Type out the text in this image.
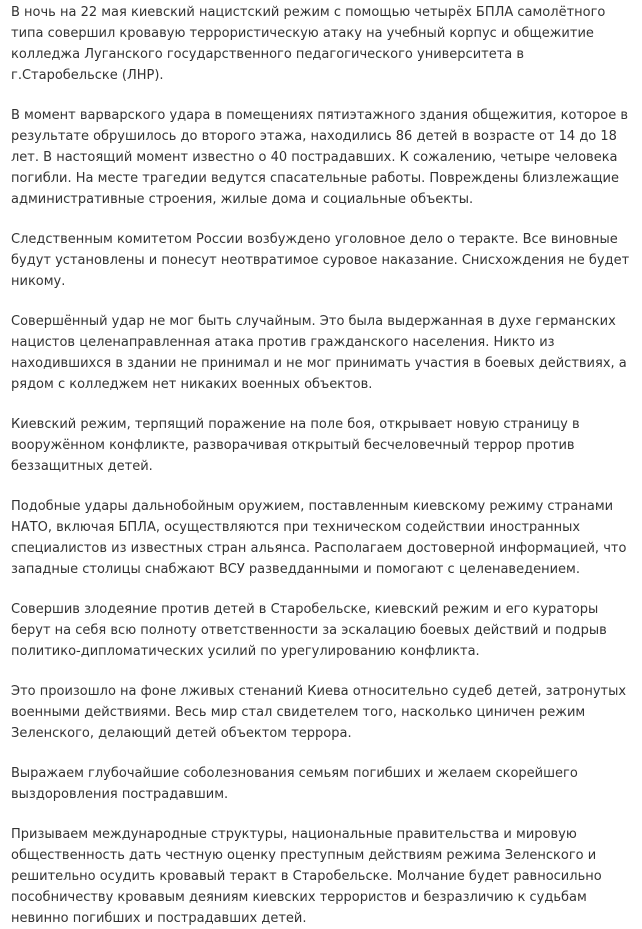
В ночь на 22 мая киевский нацистский режим с помощью четырёх БПЛА самолётного типа совершил кровавую террористическую атаку на учебный корпус и общежитие колледжа Луганского государственного педагогического университета в г.Старобельске (ЛНР).

В момент варварского удара в помещениях пятиэтажного здания общежития, которое в результате обрушилось до второго этажа, находились 86 детей в возрасте от 14 до 18 лет. В настоящий момент известно о 40 пострадавших. К сожалению, четыре человека погибли. На месте трагедии ведутся спасательные работы. Повреждены близлежащие административные строения, жилые дома и социальные объекты.

Следственным комитетом России возбуждено уголовное дело о теракте. Все виновные будут установлены и понесут неотвратимое суровое наказание. Снисхождения не будет никому.

Совершённый удар не мог быть случайным. Это была выдержанная в духе германских нацистов целенаправленная атака против гражданского населения. Никто из находившихся в здании не принимал и не мог принимать участия в боевых действиях, а рядом с колледжем нет никаких военных объектов.

Киевский режим, терпящий поражение на поле боя, открывает новую страницу в вооружённом конфликте, разворачивая открытый бесчеловечный террор против беззащитных детей.

Подобные удары дальнобойным оружием, поставленным киевскому режиму странами НАТО, включая БПЛА, осуществляются при техническом содействии иностранных специалистов из известных стран альянса. Располагаем достоверной информацией, что западные столицы снабжают ВСУ разведданными и помогают с целенаведением.

Совершив злодеяние против детей в Старобельске, киевский режим и его кураторы берут на себя всю полноту ответственности за эскалацию боевых действий и подрыв политико-дипломатических усилий по урегулированию конфликта.

Это произошло на фоне лживых стенаний Киева относительно судеб детей, затронутых военными действиями. Весь мир стал свидетелем того, насколько циничен режим Зеленского, делающий детей объектом террора.

Выражаем глубочайшие соболезнования семьям погибших и желаем скорейшего выздоровления пострадавшим.

Призываем международные структуры, национальные правительства и мировую общественность дать честную оценку преступным действиям режима Зеленского и решительно осудить кровавый теракт в Старобельске. Молчание будет равносильно пособничеству кровавым деяниям киевских террористов и безразличию к судьбам невинно погибших и пострадавших детей.
